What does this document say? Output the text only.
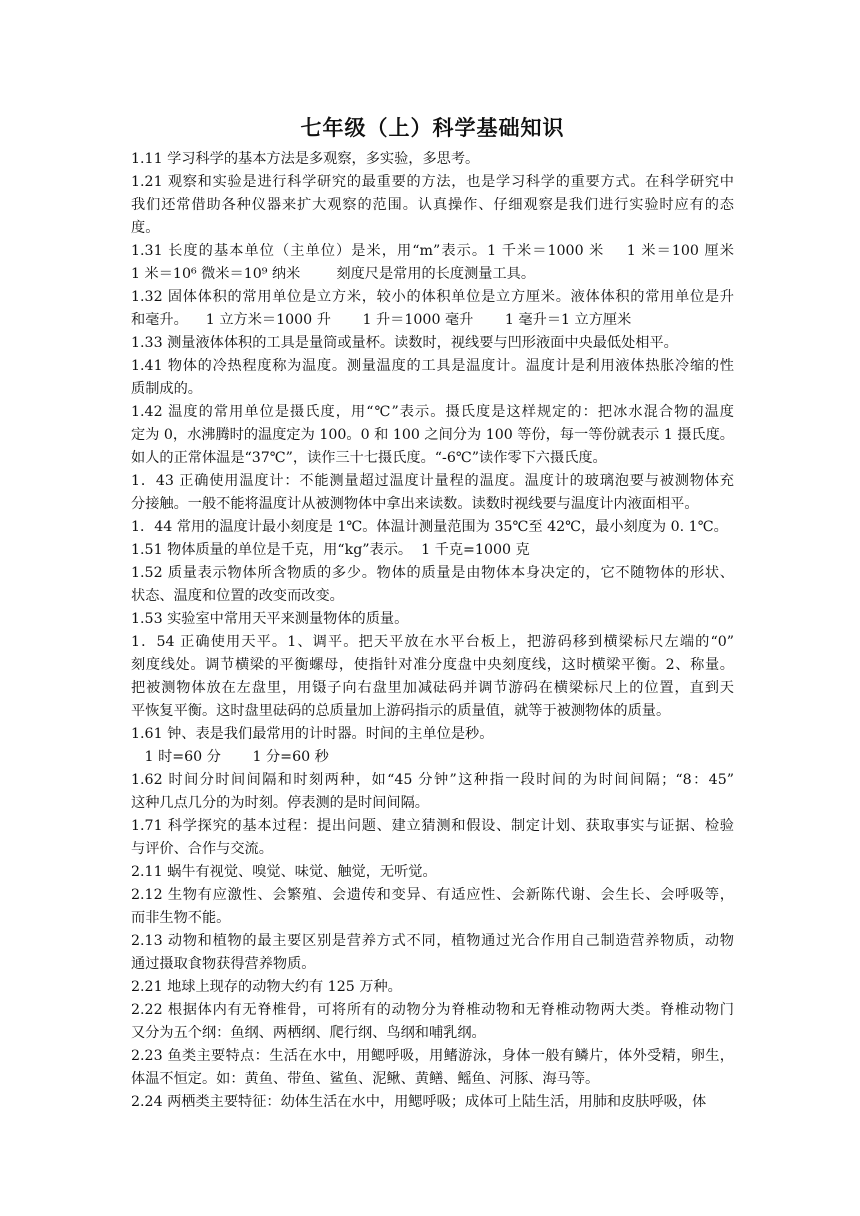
七年级（上）科学基础知识

1.11 学习科学的基本方法是多观察，多实验，多思考。

1.21 观察和实验是进行科学研究的最重要的方法，也是学习科学的重要方式。在科学研究中
我们还常借助各种仪器来扩大观察的范围。认真操作、仔细观察是我们进行实验时应有的态
度。

1.31 长度的基本单位（主单位）是米，用“m”表示。1 千米＝1000 米    1 米＝100 厘米
1 米＝10⁶ 微米＝10⁹ 纳米        刻度尺是常用的长度测量工具。

1.32 固体体积的常用单位是立方米，较小的体积单位是立方厘米。液体体积的常用单位是升
和毫升。    1 立方米＝1000 升       1 升＝1000 毫升       1 毫升＝1 立方厘米

1.33 测量液体体积的工具是量筒或量杯。读数时，视线要与凹形液面中央最低处相平。

1.41 物体的冷热程度称为温度。测量温度的工具是温度计。温度计是利用液体热胀冷缩的性
质制成的。

1.42 温度的常用单位是摄氏度，用“℃”表示。摄氏度是这样规定的：把冰水混合物的温度
定为 0，水沸腾时的温度定为 100。0 和 100 之间分为 100 等份，每一等份就表示 1 摄氏度。
如人的正常体温是“37℃”，读作三十七摄氏度。“-6℃”读作零下六摄氏度。

1．43 正确使用温度计：不能测量超过温度计量程的温度。温度计的玻璃泡要与被测物体充
分接触。一般不能将温度计从被测物体中拿出来读数。读数时视线要与温度计内液面相平。

1．44 常用的温度计最小刻度是 1℃。体温计测量范围为 35℃至 42℃，最小刻度为 0. 1℃。

1.51 物体质量的单位是千克，用“kg”表示。  1 千克=1000 克

1.52 质量表示物体所含物质的多少。物体的质量是由物体本身决定的，它不随物体的形状、
状态、温度和位置的改变而改变。

1.53 实验室中常用天平来测量物体的质量。

1．54 正确使用天平。1、调平。把天平放在水平台板上，把游码移到横梁标尺左端的“0”
刻度线处。调节横梁的平衡螺母，使指针对准分度盘中央刻度线，这时横梁平衡。2、称量。
把被测物体放在左盘里，用镊子向右盘里加减砝码并调节游码在横梁标尺上的位置，直到天
平恢复平衡。这时盘里砝码的总质量加上游码指示的质量值，就等于被测物体的质量。

1.61 钟、表是我们最常用的计时器。时间的主单位是秒。

1 时=60 分       1 分=60 秒

1.62 时间分时间间隔和时刻两种，如“45 分钟”这种指一段时间的为时间间隔；“8：45”
这种几点几分的为时刻。停表测的是时间间隔。

1.71 科学探究的基本过程：提出问题、建立猜测和假设、制定计划、获取事实与证据、检验
与评价、合作与交流。

2.11 蜗牛有视觉、嗅觉、味觉、触觉，无听觉。

2.12 生物有应激性、会繁殖、会遗传和变异、有适应性、会新陈代谢、会生长、会呼吸等，
而非生物不能。

2.13 动物和植物的最主要区别是营养方式不同，植物通过光合作用自己制造营养物质，动物
通过摄取食物获得营养物质。

2.21 地球上现存的动物大约有 125 万种。

2.22 根据体内有无脊椎骨，可将所有的动物分为脊椎动物和无脊椎动物两大类。脊椎动物门
又分为五个纲：鱼纲、两栖纲、爬行纲、鸟纲和哺乳纲。

2.23 鱼类主要特点：生活在水中，用鳃呼吸，用鳍游泳，身体一般有鳞片，体外受精，卵生，
体温不恒定。如：黄鱼、带鱼、鲨鱼、泥鳅、黄鳝、鳐鱼、河豚、海马等。

2.24 两栖类主要特征：幼体生活在水中，用鳃呼吸；成体可上陆生活，用肺和皮肤呼吸，体
